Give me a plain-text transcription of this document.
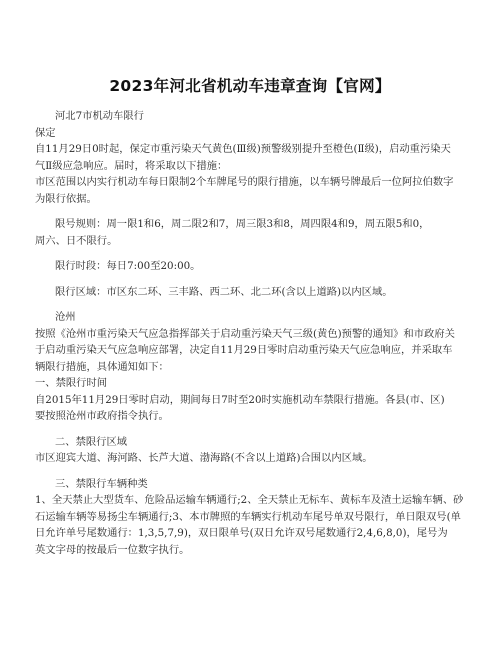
2023年河北省机动车违章查询【官网】

河北7市机动车限行

保定

自11月29日0时起，保定市重污染天气黄色(Ⅲ级)预警级别提升至橙色(Ⅱ级)，启动重污染天

气Ⅱ级应急响应。届时，将采取以下措施：

市区范围以内实行机动车每日限制2个车牌尾号的限行措施，以车辆号牌最后一位阿拉伯数字

为限行依据。

限号规则：周一限1和6，周二限2和7，周三限3和8，周四限4和9，周五限5和0，

周六、日不限行。

限行时段：每日7:00至20:00。

限行区域：市区东二环、三丰路、西二环、北二环(含以上道路)以内区域。

沧州

按照《沧州市重污染天气应急指挥部关于启动重污染天气三级(黄色)预警的通知》和市政府关

于启动重污染天气应急响应部署，决定自11月29日零时启动重污染天气应急响应，并采取车

辆限行措施，具体通知如下：

一、禁限行时间

自2015年11月29日零时启动，期间每日7时至20时实施机动车禁限行措施。各县(市、区)

要按照沧州市政府指令执行。

二、禁限行区域

市区迎宾大道、海河路、长芦大道、渤海路(不含以上道路)合围以内区域。

三、禁限行车辆种类

1、全天禁止大型货车、危险品运输车辆通行;2、全天禁止无标车、黄标车及渣土运输车辆、砂

石运输车辆等易扬尘车辆通行;3、本市牌照的车辆实行机动车尾号单双号限行，单日限双号(单

日允许单号尾数通行：1,3,5,7,9)，双日限单号(双日允许双号尾数通行2,4,6,8,0)，尾号为

英文字母的按最后一位数字执行。
